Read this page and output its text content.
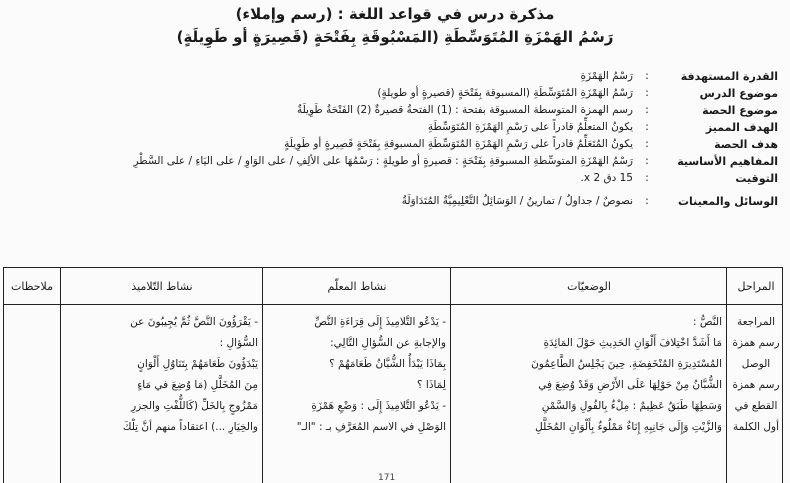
مذكرة درس في قواعد اللغة : (رسم وإملاء)
رَسْمُ الهَمْزَةِ المُتَوَسِّطَةِ (المَسْبُوقَةِ بِفَتْحَةٍ (قَصِيرَةٍ أو طَوِيلَةٍ)
القدرة المستهدفة
:
رَسْمُ الهَمْزَةِ
موضوع الدرس
:
رَسْمُ الهَمْزَةِ المُتَوَسِّطَةِ (المسبوقة بِفَتْحَةٍ (قصيرةٍ أو طويلةٍ)
موضوع الحصة
:
رسم الهمزة المتوسطة المسبوقة بفتحة : (1) الفتحةُ قصيرةٌ (2) الفَتْحَةُ طَوِيلَةٌ
الهدف المميز
:
يكونُ المتعلِّمُ قادراً على رَسْمِ الهَمْزَةِ المُتَوَسِّطَةِ
هدف الحصة
:
يكونُ المُتَعَلِّمُ قادراً على رَسْمِ الهَمْزَةِ المُتَوَسِّطَةِ المسبوقةِ بِفَتْحَةٍ قَصِيرةٍ أو طَوِيلَةٍ
المفاهيم الأساسية
:
رَسْمُ الهَمْزَةِ المتوسِّطةِ المسبوقةِ بِفَتْحَةٍ : قصيرةٍ أو طويلةٍ : رَسْمُهَا على الألِفِ / على الوَاوِ / على اليَاءِ / على السَّطْرِ
التوقيت
:
15 دق x 2.
الوسائل والمعينات
:
نصوصٌ / جداولُ / تمارينُ / الوَسَائِلُ التَّعْلِيمِيَّةُ المُتَدَاوَلَةُ
المراحل
الوضعيّات
نشاط المعلّم
نشاط التّلاميذ
ملاحظات
المراجعة
رسم همزة
الوصل
رسم همزة
القطع في
أول الكلمة
النَّصُّ :
مَا أَشَدَّ اخْتِلافَ أَلْوَانِ الحَدِيثِ حَوْلَ المَائِدَةِ
المُسْتَدِيرَةِ المُنْخَفِضَةِ. حِينَ يَجْلِسُ الطَّاعِمُونَ
الشُّبَّانُ مِنْ حَوْلِهَا عَلَى الأَرْضِ وَقَدْ وُضِعَ فِي
وَسَطِهَا طَبَقٌ عَظِيمٌ : مِلْءٌ بِالفُولِ وَالسَّمْنِ
وَالزَّيْتِ وَإِلَى جَانِبِهِ إِنَاءٌ مَمْلُوءٌ بِأَلْوَانِ المُخَلَّلِ
- يَدْعُو التَّلامِيذَ إِلَى قِرَاءَةِ النَّصِّ
والإجابةِ عن السُّؤالِ التَّالِي:
بِمَاذَا يَبْدَأُ الشُّبَّانُ طَعَامَهُمْ ؟
لِمَاذَا ؟
- يَدْعُو التَّلامِيذَ إِلَى : وَضْعِ هَمْزَةِ
الوَصْلِ في الاسم المُعَرَّفِ بـ : "الـ"
- يَقْرَؤُونَ النَّصَّ ثُمَّ يُجِيبُونَ عن
السُّؤالِ :
يَبْدَؤُونَ طَعَامَهُمْ بِتَنَاوُلِ أَلْوَانٍ
مِنَ المُخَلَّلِ (مَا وُضِعَ في مَاءٍ
مَمْزُوجٍ بِالخَلِّ (كَاللُّفْتِ والجزرِ
والخِيَارِ ...) اعتقاداً منهم أنَّ تِلْكَ
171
